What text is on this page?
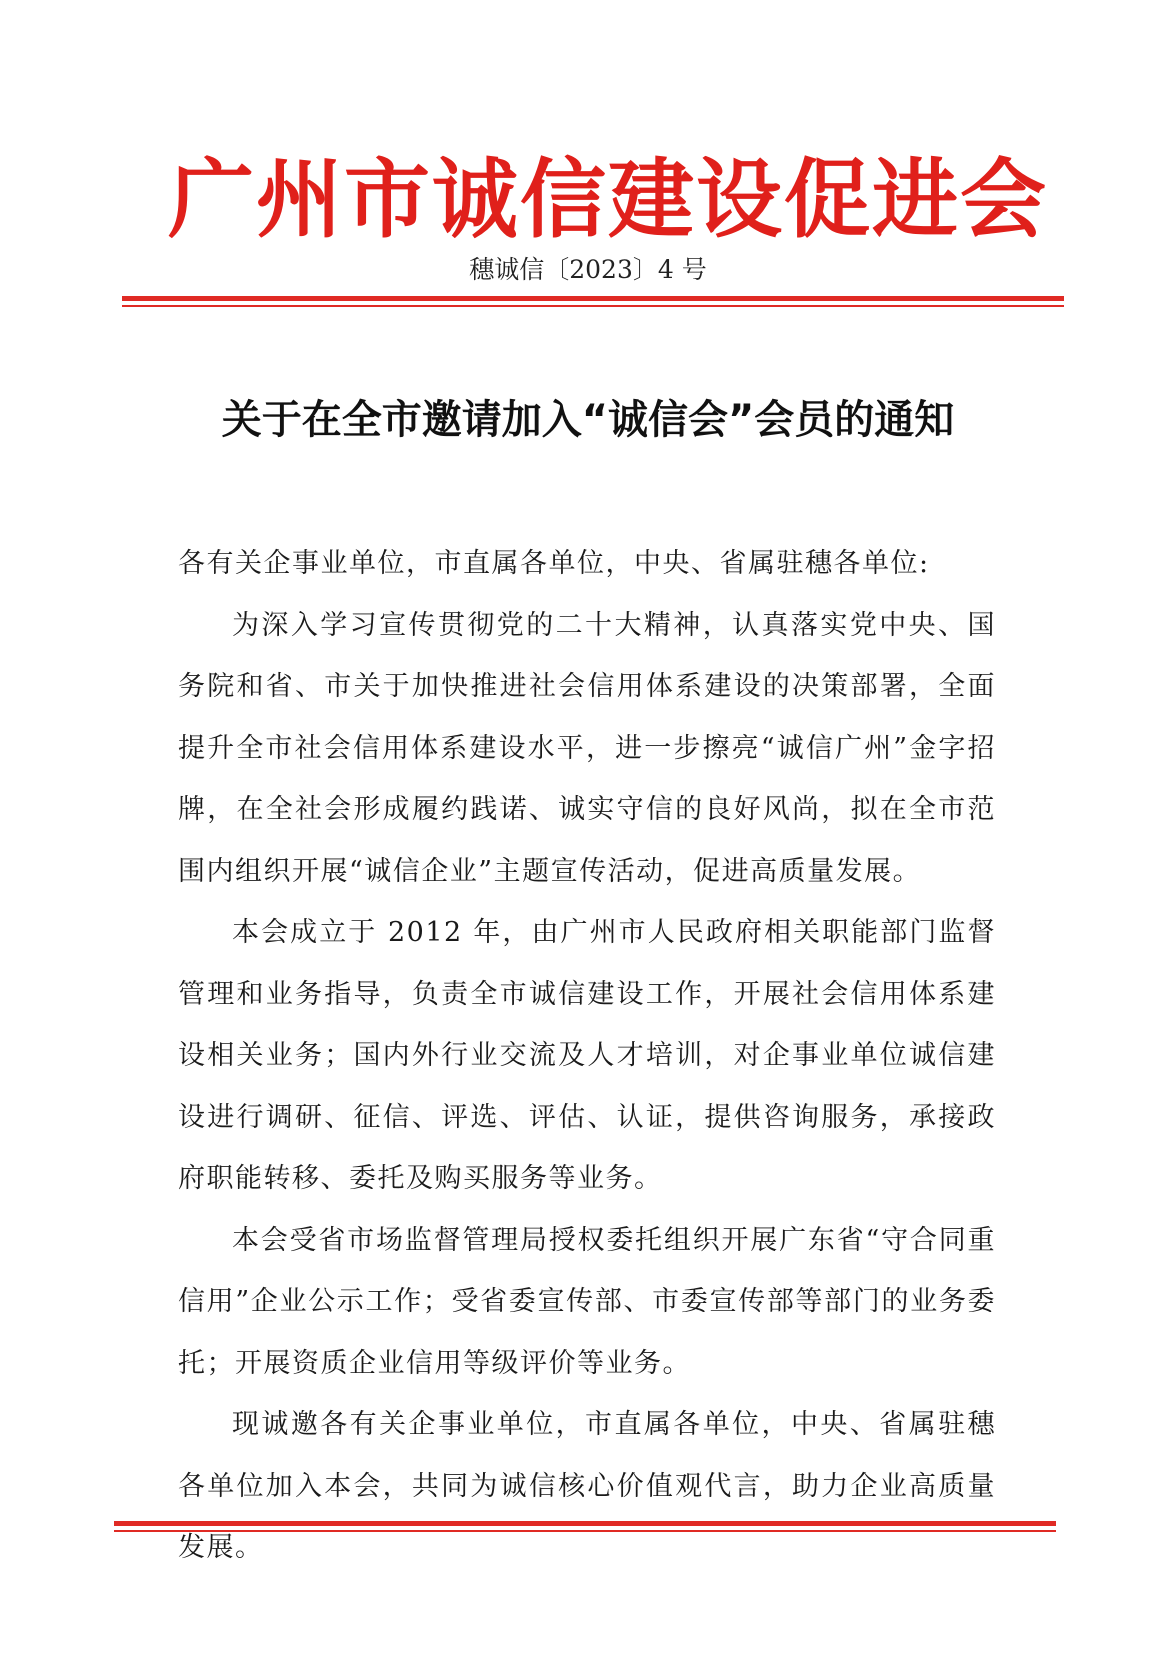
广州市诚信建设促进会
穗诚信〔2023〕4 号
关于在全市邀请加入“诚信会”会员的通知

各有关企事业单位，市直属各单位，中央、省属驻穗各单位:

为深入学习宣传贯彻党的二十大精神，认真落实党中央、国务院和省、市关于加快推进社会信用体系建设的决策部署，全面提升全市社会信用体系建设水平，进一步擦亮“诚信广州”金字招牌，在全社会形成履约践诺、诚实守信的良好风尚，拟在全市范围内组织开展“诚信企业”主题宣传活动，促进高质量发展。

本会成立于 2012 年，由广州市人民政府相关职能部门监督管理和业务指导，负责全市诚信建设工作，开展社会信用体系建设相关业务；国内外行业交流及人才培训，对企事业单位诚信建设进行调研、征信、评选、评估、认证，提供咨询服务，承接政府职能转移、委托及购买服务等业务。

本会受省市场监督管理局授权委托组织开展广东省“守合同重信用”企业公示工作；受省委宣传部、市委宣传部等部门的业务委托；开展资质企业信用等级评价等业务。

现诚邀各有关企事业单位，市直属各单位，中央、省属驻穗各单位加入本会，共同为诚信核心价值观代言，助力企业高质量发展。
